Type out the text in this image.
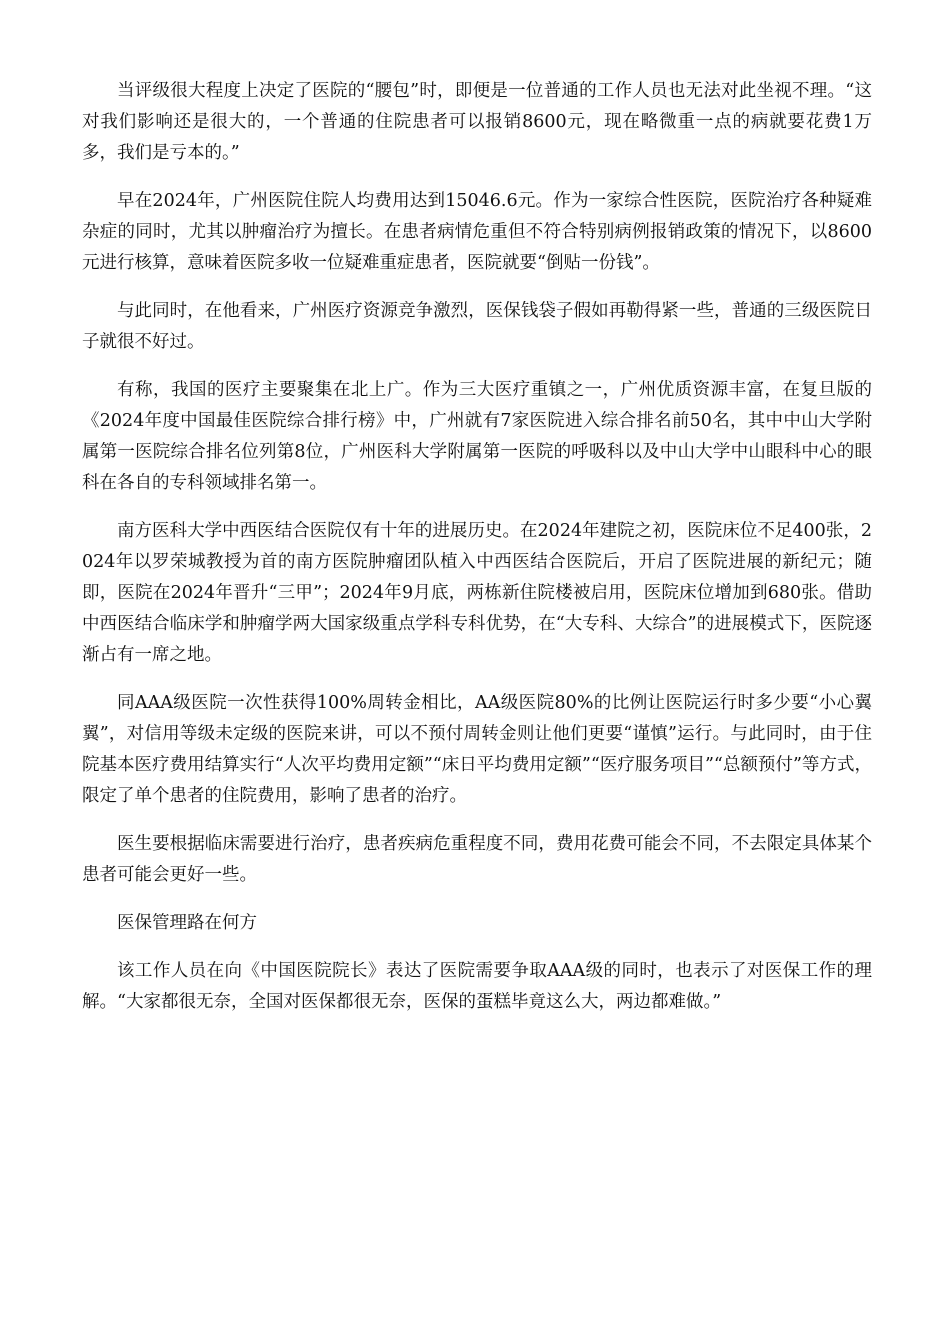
当评级很大程度上决定了医院的“腰包”时，即便是一位普通的工作人员也无法对此坐视不理。“这对我们影响还是很大的，一个普通的住院患者可以报销8600元，现在略微重一点的病就要花费1万多，我们是亏本的。”

早在2024年，广州医院住院人均费用达到15046.6元。作为一家综合性医院，医院治疗各种疑难杂症的同时，尤其以肿瘤治疗为擅长。在患者病情危重但不符合特别病例报销政策的情况下，以8600元进行核算，意味着医院多收一位疑难重症患者，医院就要“倒贴一份钱”。

与此同时，在他看来，广州医疗资源竞争激烈，医保钱袋子假如再勒得紧一些，普通的三级医院日子就很不好过。

有称，我国的医疗主要聚集在北上广。作为三大医疗重镇之一，广州优质资源丰富，在复旦版的《2024年度中国最佳医院综合排行榜》中，广州就有7家医院进入综合排名前50名，其中中山大学附属第一医院综合排名位列第8位，广州医科大学附属第一医院的呼吸科以及中山大学中山眼科中心的眼科在各自的专科领域排名第一。

南方医科大学中西医结合医院仅有十年的进展历史。在2024年建院之初，医院床位不足400张，2024年以罗荣城教授为首的南方医院肿瘤团队植入中西医结合医院后，开启了医院进展的新纪元；随即，医院在2024年晋升“三甲”；2024年9月底，两栋新住院楼被启用，医院床位增加到680张。借助中西医结合临床学和肿瘤学两大国家级重点学科专科优势，在“大专科、大综合”的进展模式下，医院逐渐占有一席之地。

同AAA级医院一次性获得100%周转金相比，AA级医院80%的比例让医院运行时多少要“小心翼翼”，对信用等级未定级的医院来讲，可以不预付周转金则让他们更要“谨慎”运行。与此同时，由于住院基本医疗费用结算实行“人次平均费用定额”“床日平均费用定额”“医疗服务项目”“总额预付”等方式，限定了单个患者的住院费用，影响了患者的治疗。

医生要根据临床需要进行治疗，患者疾病危重程度不同，费用花费可能会不同，不去限定具体某个患者可能会更好一些。

医保管理路在何方

该工作人员在向《中国医院院长》表达了医院需要争取AAA级的同时，也表示了对医保工作的理解。“大家都很无奈，全国对医保都很无奈，医保的蛋糕毕竟这么大，两边都难做。”
